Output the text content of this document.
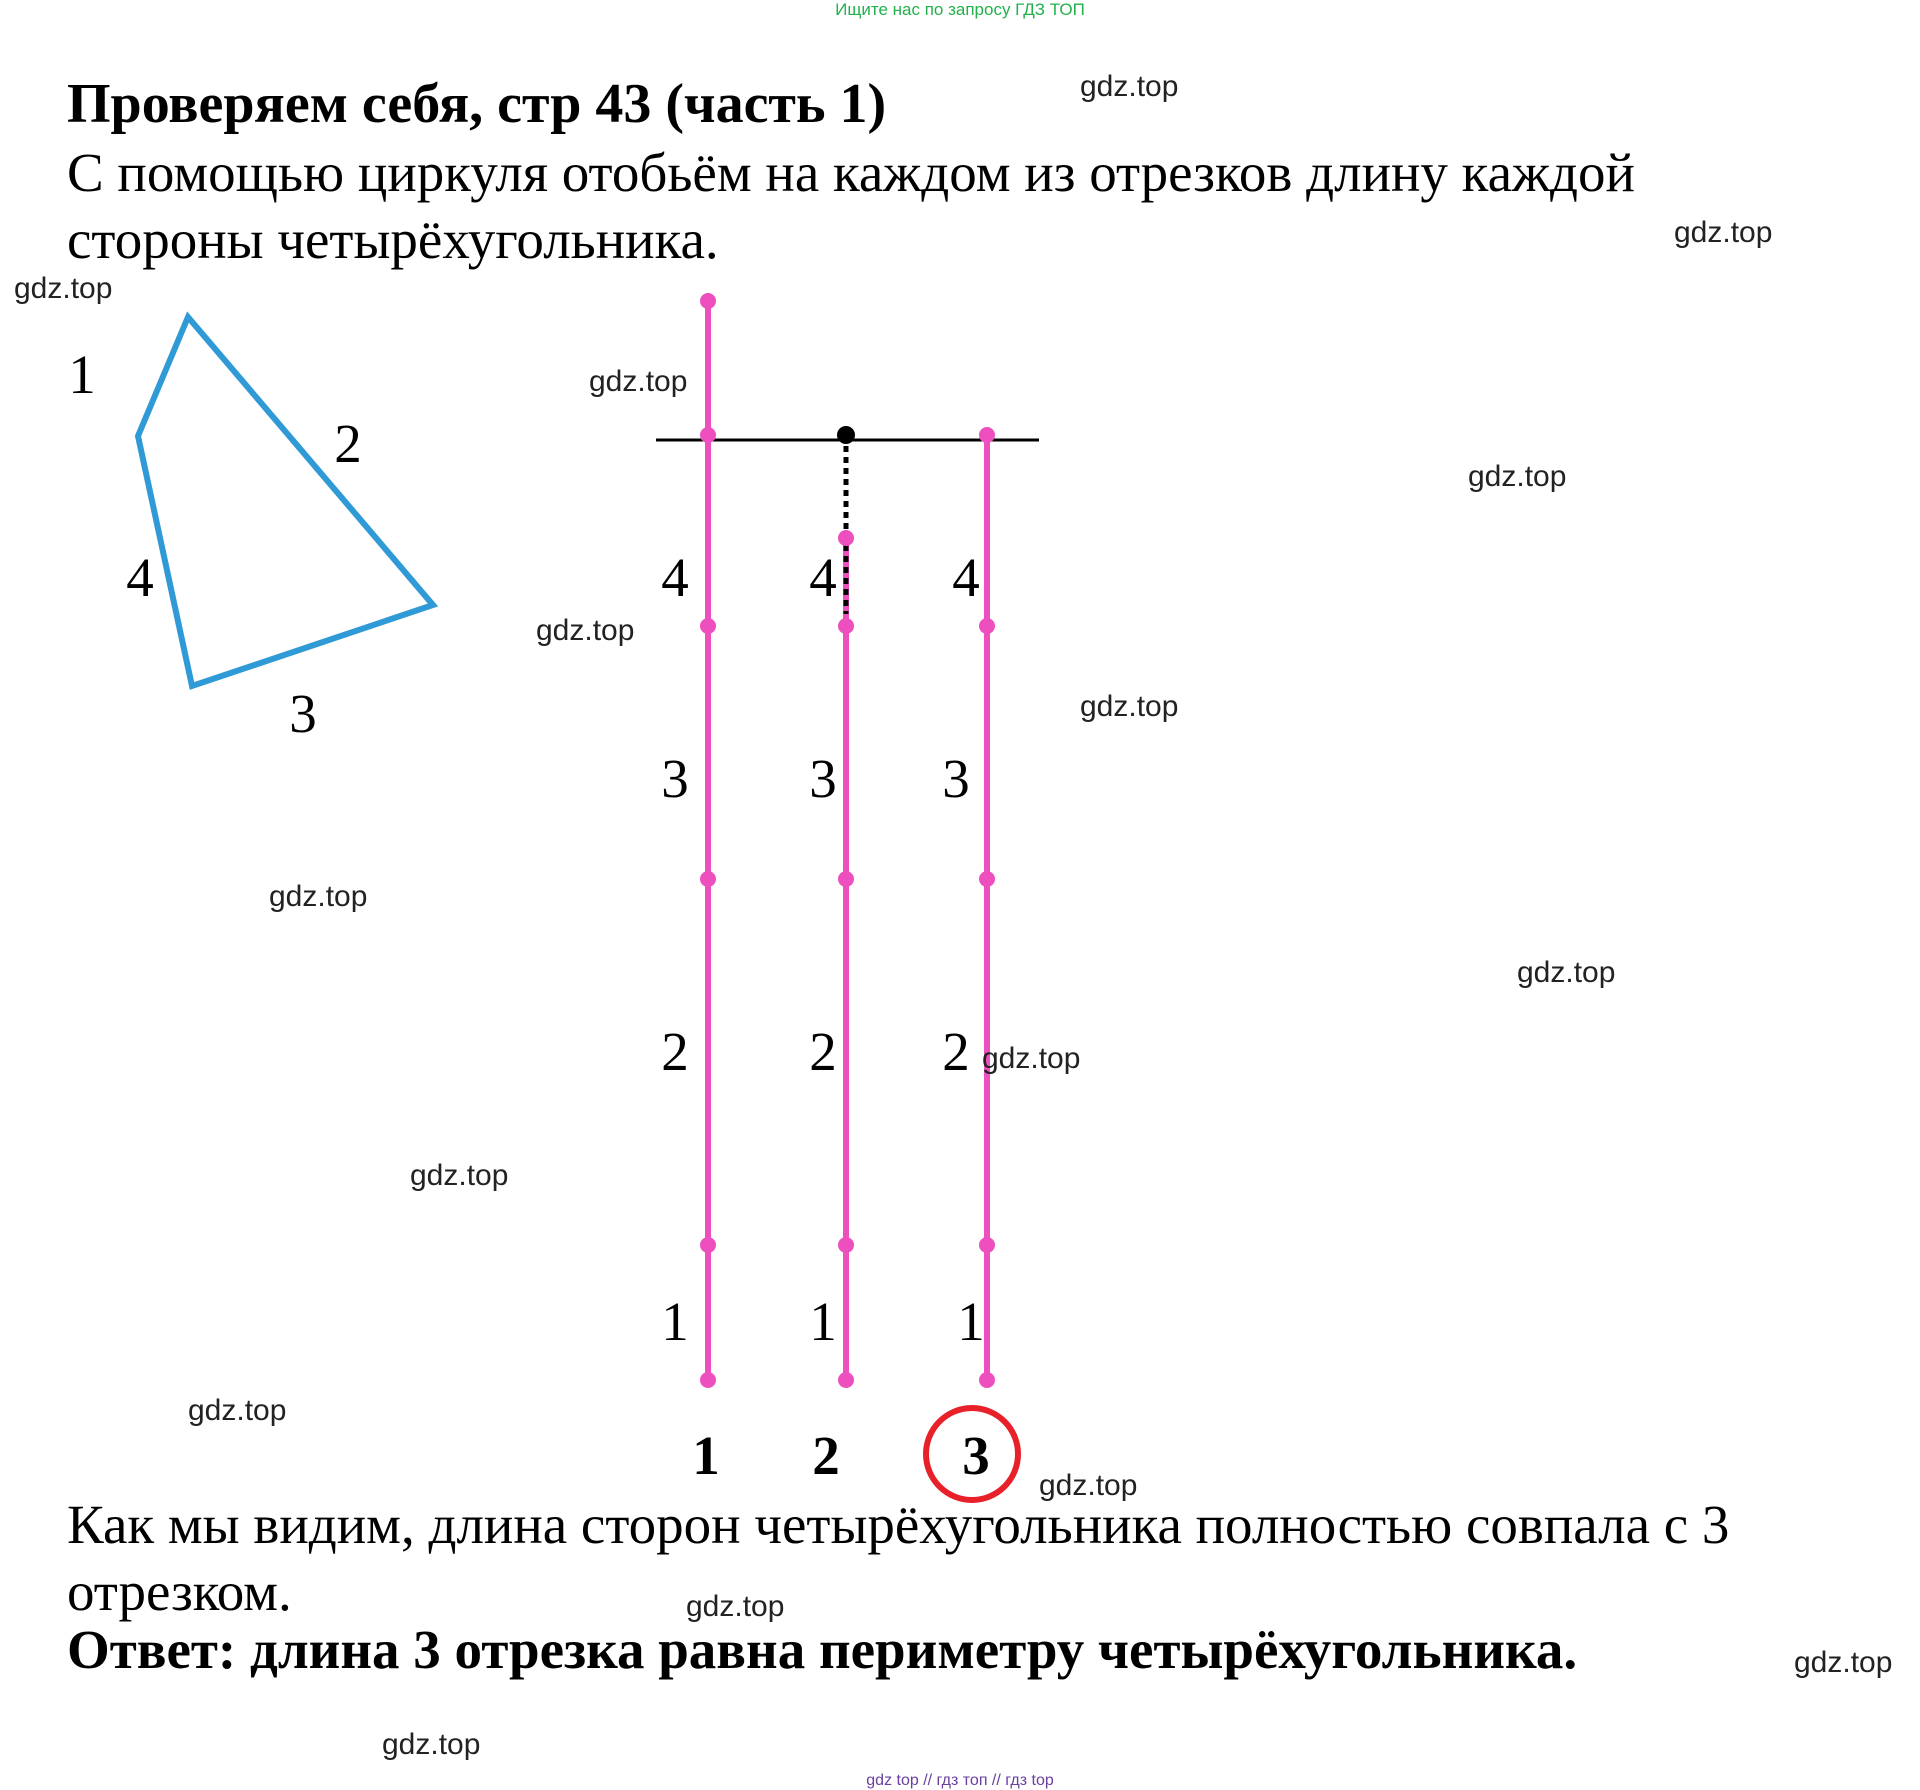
Ищите нас по запросу ГДЗ ТОП
Проверяем себя, стр 43 (часть 1)
С помощью циркуля отобьём на каждом из отрезков длину каждой
стороны четырёхугольника.
1
2
3
4	4
3
2
1
4
3
2
1
4
3
2
1
1 2 3
Как мы видим, длина сторон четырёхугольника полностью совпала с 3
отрезком.
Ответ: длина 3 отрезка равна периметру четырёхугольника.
gdz.top
gdz.top
gdz.top
gdz.top
gdz.top
gdz.top
gdz.top
gdz.top
gdz.top
gdz.top
gdz.top
gdz.top
gdz.top
gdz.top
gdz.top
gdz.top
gdz top // гдз топ // гдз top
